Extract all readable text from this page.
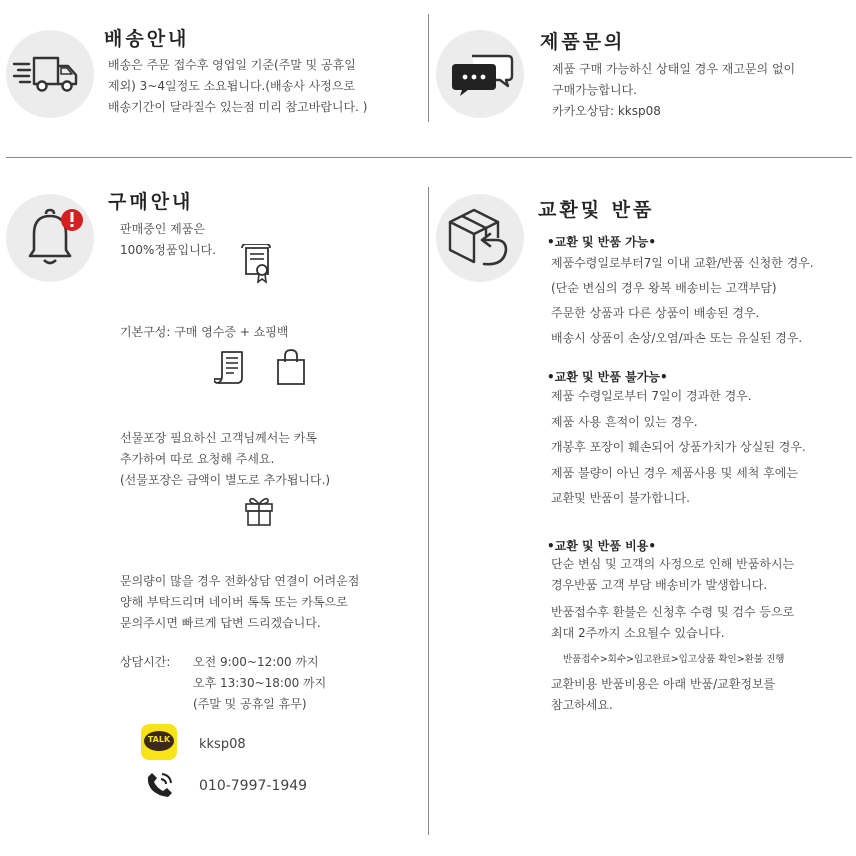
배송안내
배송은 주문 접수후 영업일 기준(주말 및 공휴일
제외) 3~4일정도 소요됩니다.(배송사 사정으로
배송기간이 달라질수 있는점 미리 참고바랍니다. )
제품문의
제품 구매 가능하신 상태일 경우 재고문의 없이
구매가능합니다.
카카오상담: kksp08
구매안내
판매중인 제품은
100%정품입니다.
기본구성: 구매 영수증 + 쇼핑백
선물포장 필요하신 고객님께서는 카톡
추가하여 따로 요청해 주세요.
(선물포장은 금액이 별도로 추가됩니다.)
문의량이 많을 경우 전화상담 연결이 어려운점
양해 부탁드리며 네이버 톡톡 또는 카톡으로
문의주시면 빠르게 답변 드리겠습니다.
상담시간: 오전 9:00~12:00 까지
오후 13:30~18:00 까지
(주말 및 공휴일 휴무)
TALK	kksp08
010-7997-1949
교환및 반품
•교환 및 반품 가능•
제품수령일로부터7일 이내 교환/반품 신청한 경우.
(단순 변심의 경우 왕복 배송비는 고객부담)
주문한 상품과 다른 상품이 배송된 경우.
배송시 상품이 손상/오염/파손 또는 유실된 경우.
•교환 및 반품 불가능•
제품 수령일로부터 7일이 경과한 경우.
제품 사용 흔적이 있는 경우.
개봉후 포장이 훼손되어 상품가치가 상실된 경우.
제품 불량이 아닌 경우 제품사용 및 세척 후에는
교환및 반품이 불가합니다.
•교환 및 반품 비용•
단순 변심 및 고객의 사정으로 인해 반품하시는
경우반품 고객 부담 배송비가 발생합니다.
반품접수후 환불은 신청후 수령 및 검수 등으로
최대 2주까지 소요될수 있습니다.
반품접수>회수>입고완료>입고상품 확인>환불 진행
교환비용 반품비용은 아래 반품/교환정보를
참고하세요.
